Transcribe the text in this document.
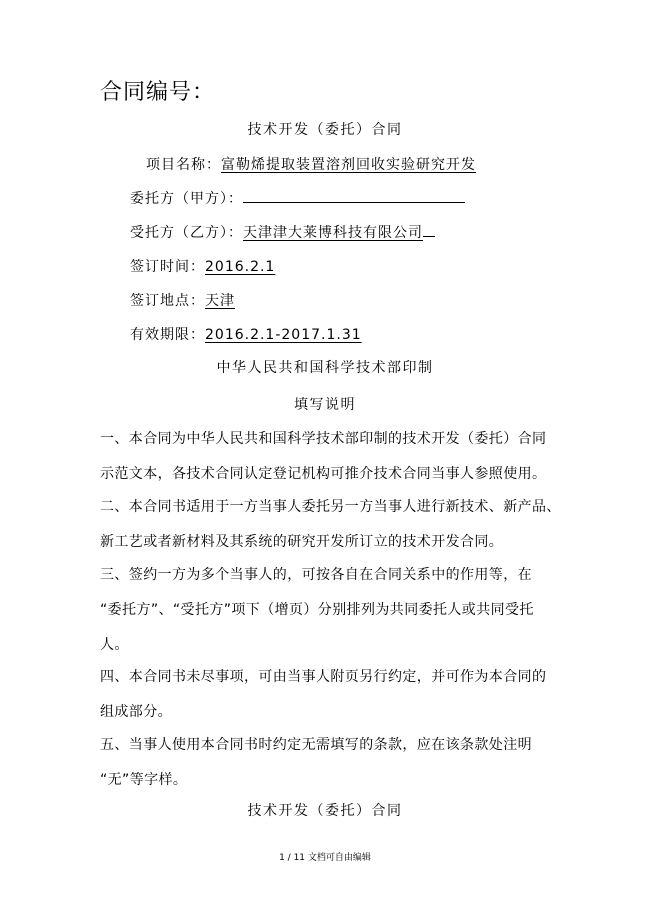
合同编号：
技术开发（委托）合同
项目名称：富勒烯提取装置溶剂回收实验研究开发
委托方（甲方）：
受托方（乙方）：天津津大莱博科技有限公司
签订时间：2016.2.1
签订地点：天津
有效期限：2016.2.1-2017.1.31
中华人民共和国科学技术部印制
填写说明
一、本合同为中华人民共和国科学技术部印制的技术开发（委托）合同
示范文本，各技术合同认定登记机构可推介技术合同当事人参照使用。
二、本合同书适用于一方当事人委托另一方当事人进行新技术、新产品、
新工艺或者新材料及其系统的研究开发所订立的技术开发合同。
三、签约一方为多个当事人的，可按各自在合同关系中的作用等，在
“委托方”、“受托方”项下（增页）分别排列为共同委托人或共同受托
人。
四、本合同书未尽事项，可由当事人附页另行约定，并可作为本合同的
组成部分。
五、当事人使用本合同书时约定无需填写的条款，应在该条款处注明
“无”等字样。
技术开发（委托）合同
1 / 11 文档可自由编辑
